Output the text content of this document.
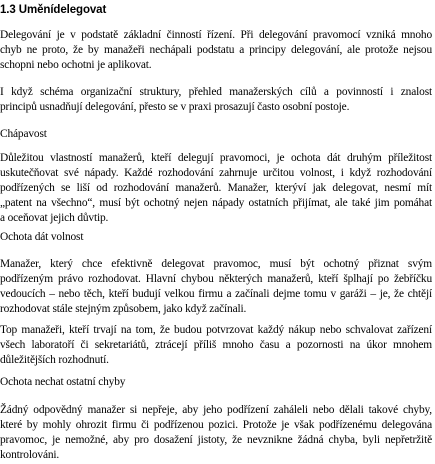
1.3 Uměnídelegovat
Delegování je v podstatě základní činností řízení. Při delegování pravomocí vzniká mnoho
chyb ne proto, že by manažeři nechápali podstatu a principy delegování, ale protože nejsou
schopni nebo ochotni je aplikovat.
I když schéma organizační struktury, přehled manažerských cílů a povinností i znalost
principů usnadňují delegování, přesto se v praxi prosazují často osobní postoje.
Chápavost
Důležitou vlastností manažerů, kteří delegují pravomoci, je ochota dát druhým příležitost
uskutečňovat své nápady. Každé rozhodování zahrnuje určitou volnost, i když rozhodování
podřízených se liší od rozhodování manažerů. Manažer, kterýví jak delegovat, nesmí mít
„patent na všechno“, musí být ochotný nejen nápady ostatních přijímat, ale také jim pomáhat
a oceňovat jejich důvtip.
Ochota dát volnost
Manažer, který chce efektivně delegovat pravomoc, musí být ochotný přiznat svým
podřízeným právo rozhodovat. Hlavní chybou některých manažerů, kteří šplhají po žebříčku
vedoucích – nebo těch, kteří budují velkou firmu a začínali dejme tomu v garáži – je, že chtějí
rozhodovat stále stejným způsobem, jako když začínali.
Top manažeři, kteří trvají na tom, že budou potvrzovat každý nákup nebo schvalovat zařízení
všech laboratoří či sekretariátů, ztrácejí příliš mnoho času a pozornosti na úkor mnohem
důležitějších rozhodnutí.
Ochota nechat ostatní chyby
Žádný odpovědný manažer si nepřeje, aby jeho podřízení zaháleli nebo dělali takové chyby,
které by mohly ohrozit firmu či podřízenou pozici. Protože je však podřízenému delegována
pravomoc, je nemožné, aby pro dosažení jistoty, že nevznikne žádná chyba, byli nepřetržitě
kontrolováni.
